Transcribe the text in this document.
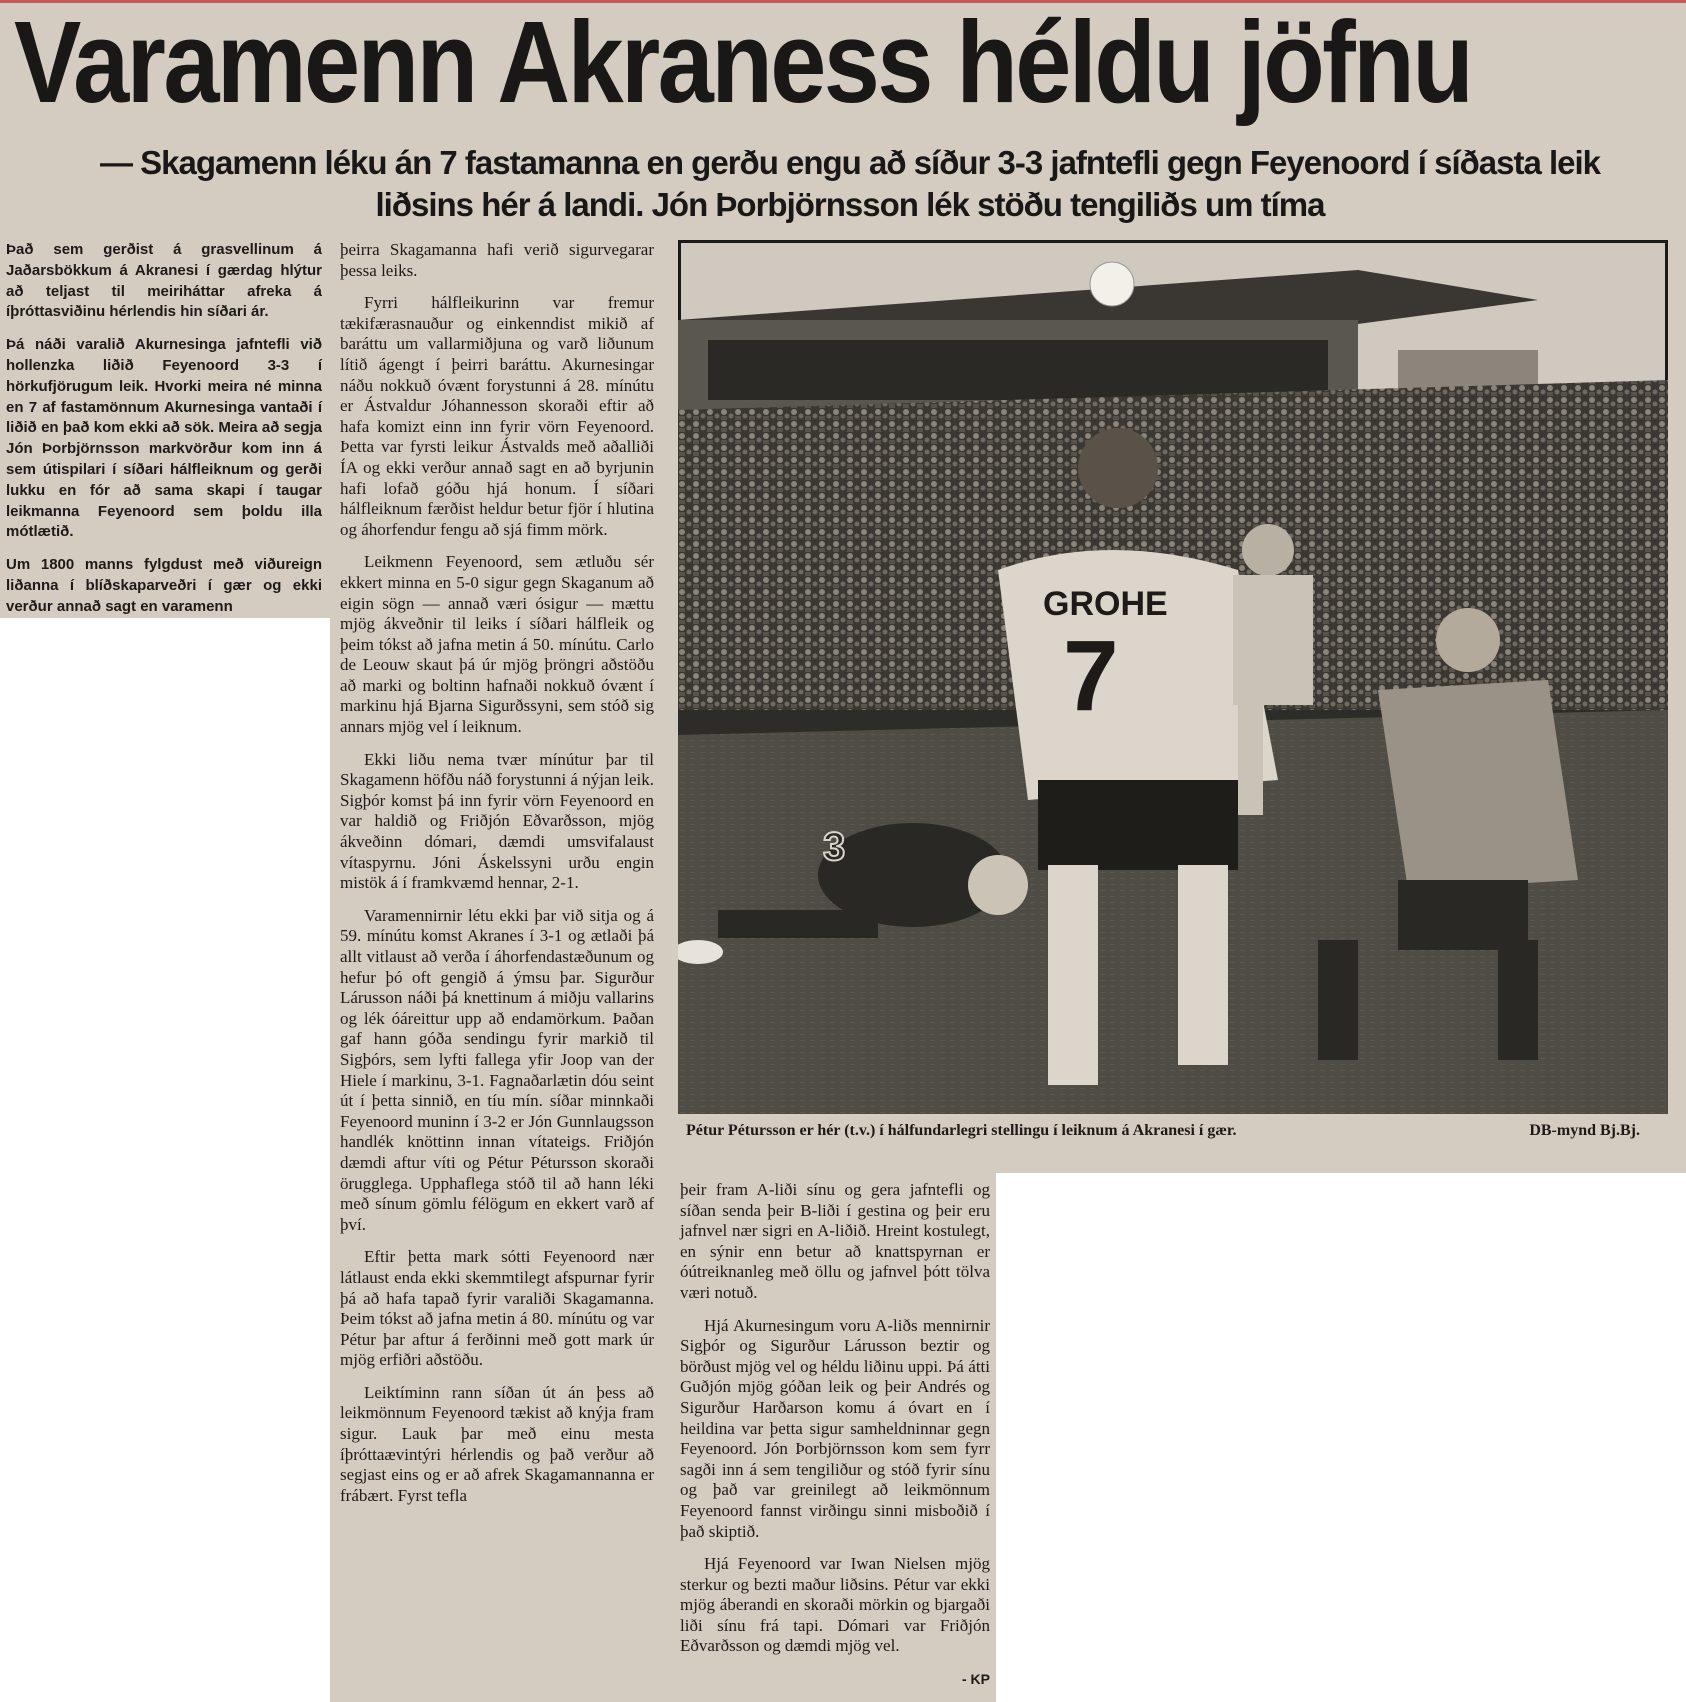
Varamenn Akraness héldu jöfnu
— Skagamenn léku án 7 fastamanna en gerðu engu að síður 3-3 jafntefli gegn Feyenoord í síðasta leik liðsins hér á landi. Jón Þorbjörnsson lék stöðu tengiliðs um tíma

Það sem gerðist á grasvellinum á Jaðarsbökkum á Akranesi í gærdag hlýtur að teljast til meiriháttar afreka á íþróttasviðinu hérlendis hin síðari ár.

Þá náði varalið Akurnesinga jafntefli við hollenzka liðið Feyenoord 3-3 í hörkufjörugum leik. Hvorki meira né minna en 7 af fastamönnum Akurnesinga vantaði í liðið en það kom ekki að sök. Meira að segja Jón Þorbjörnsson markvörður kom inn á sem útispilari í síðari hálfleiknum og gerði lukku en fór að sama skapi í taugar leikmanna Feyenoord sem þoldu illa mótlætið.

Um 1800 manns fylgdust með viðureign liðanna í blíðskaparveðri í gær og ekki verður annað sagt en varamenn

þeirra Skagamanna hafi verið sigurvegarar þessa leiks.

Fyrri hálfleikurinn var fremur tækifærasnauður og einkenndist mikið af baráttu um vallarmiðjuna og varð liðunum lítið ágengt í þeirri baráttu. Akurnesingar náðu nokkuð óvænt forystunni á 28. mínútu er Ástvaldur Jóhannesson skoraði eftir að hafa komizt einn inn fyrir vörn Feyenoord. Þetta var fyrsti leikur Ástvalds með aðalliði ÍA og ekki verður annað sagt en að byrjunin hafi lofað góðu hjá honum. Í síðari hálfleiknum færðist heldur betur fjör í hlutina og áhorfendur fengu að sjá fimm mörk.

Leikmenn Feyenoord, sem ætluðu sér ekkert minna en 5-0 sigur gegn Skaganum að eigin sögn — annað væri ósigur — mættu mjög ákveðnir til leiks í síðari hálfleik og þeim tókst að jafna metin á 50. mínútu. Carlo de Leouw skaut þá úr mjög þröngri aðstöðu að marki og boltinn hafnaði nokkuð óvænt í markinu hjá Bjarna Sigurðssyni, sem stóð sig annars mjög vel í leiknum.

Ekki liðu nema tvær mínútur þar til Skagamenn höfðu náð forystunni á nýjan leik. Sigþór komst þá inn fyrir vörn Feyenoord en var haldið og Friðjón Eðvarðsson, mjög ákveðinn dómari, dæmdi umsvifalaust vítaspyrnu. Jóni Áskelssyni urðu engin mistök á í framkvæmd hennar, 2-1.

Varamennirnir létu ekki þar við sitja og á 59. mínútu komst Akranes í 3-1 og ætlaði þá allt vitlaust að verða í áhorfendastæðunum og hefur þó oft gengið á ýmsu þar. Sigurður Lárusson náði þá knettinum á miðju vallarins og lék óáreittur upp að endamörkum. Þaðan gaf hann góða sendingu fyrir markið til Sigþórs, sem lyfti fallega yfir Joop van der Hiele í markinu, 3-1. Fagnaðarlætin dóu seint út í þetta sinnið, en tíu mín. síðar minnkaði Feyenoord muninn í 3-2 er Jón Gunnlaugsson handlék knöttinn innan vítateigs. Friðjón dæmdi aftur víti og Pétur Pétursson skoraði örugglega. Upphaflega stóð til að hann léki með sínum gömlu félögum en ekkert varð af því.

Eftir þetta mark sótti Feyenoord nær látlaust enda ekki skemmtilegt afspurnar fyrir þá að hafa tapað fyrir varaliði Skagamanna. Þeim tókst að jafna metin á 80. mínútu og var Pétur þar aftur á ferðinni með gott mark úr mjög erfiðri aðstöðu.

Leiktíminn rann síðan út án þess að leikmönnum Feyenoord tækist að knýja fram sigur. Lauk þar með einu mesta íþróttaævintýri hérlendis og það verður að segjast eins og er að afrek Skagamannanna er frábært. Fyrst tefla

3
GROHE
7

Pétur Pétursson er hér (t.v.) í hálfundarlegri stellingu í leiknum á Akranesi í gær.	DB-mynd Bj.Bj.

þeir fram A-liði sínu og gera jafntefli og síðan senda þeir B-liði í gestina og þeir eru jafnvel nær sigri en A-liðið. Hreint kostulegt, en sýnir enn betur að knattspyrnan er óútreiknanleg með öllu og jafnvel þótt tölva væri notuð.

Hjá Akurnesingum voru A-liðs mennirnir Sigþór og Sigurður Lárusson beztir og börðust mjög vel og héldu liðinu uppi. Þá átti Guðjón mjög góðan leik og þeir Andrés og Sigurður Harðarson komu á óvart en í heildina var þetta sigur samheldninnar gegn Feyenoord. Jón Þorbjörnsson kom sem fyrr sagði inn á sem tengiliður og stóð fyrir sínu og það var greinilegt að leikmönnum Feyenoord fannst virðingu sinni misboðið í það skiptið.

Hjá Feyenoord var Iwan Nielsen mjög sterkur og bezti maður liðsins. Pétur var ekki mjög áberandi en skoraði mörkin og bjargaði liði sínu frá tapi. Dómari var Friðjón Eðvarðsson og dæmdi mjög vel.

- KP
